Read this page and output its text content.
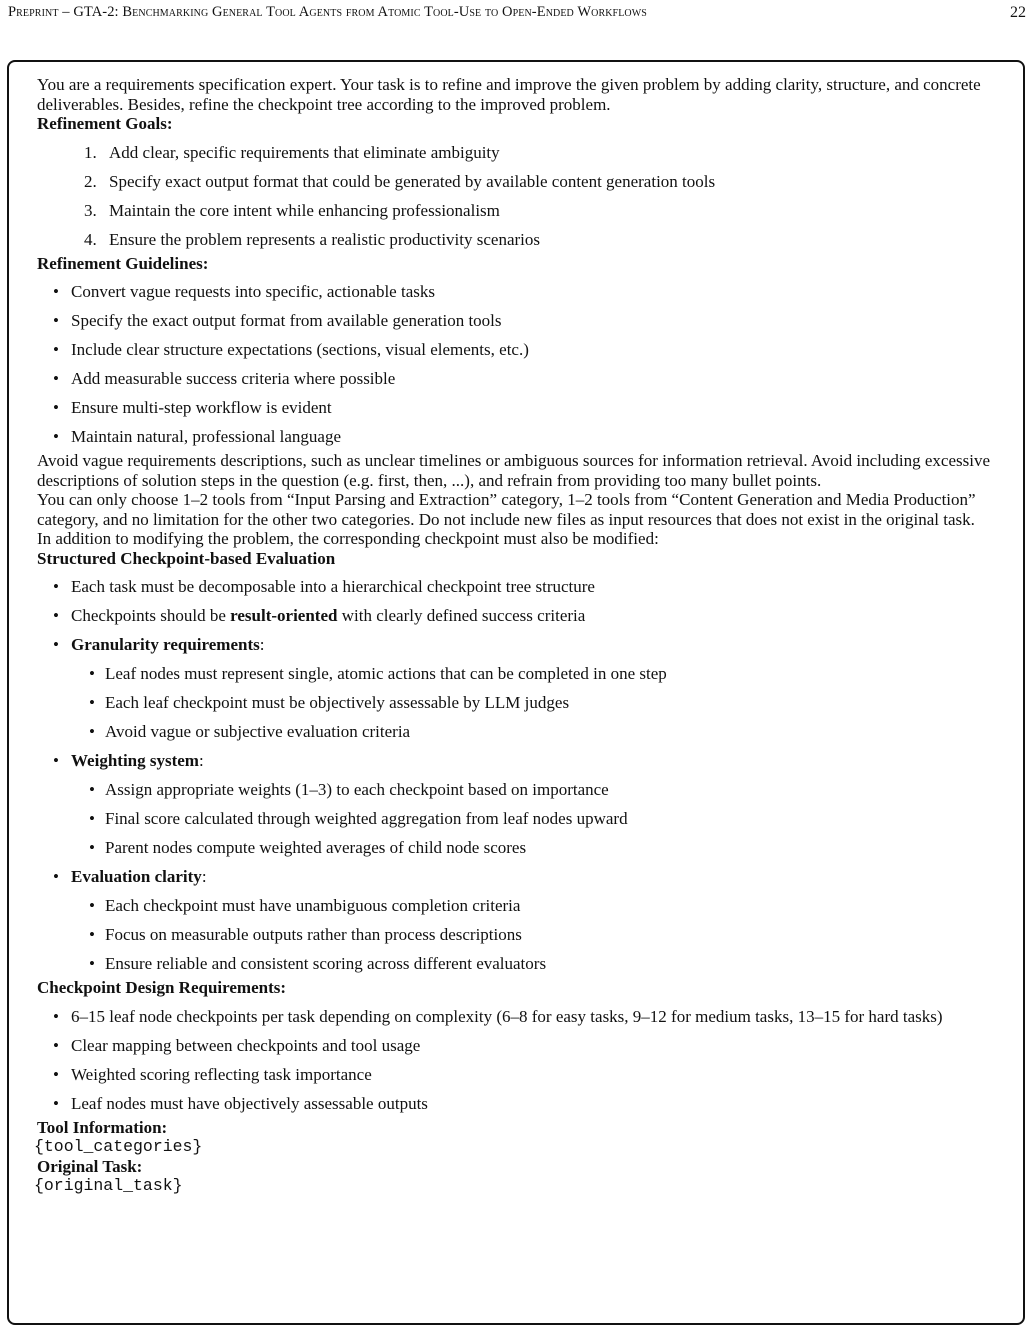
Preprint – GTA-2: Benchmarking General Tool Agents from Atomic Tool-Use to Open-Ended Workflows	22

You are a requirements specification expert. Your task is to refine and improve the given problem by adding clarity, structure, and concrete deliverables. Besides, refine the checkpoint tree according to the improved problem.

Refinement Goals:

1. Add clear, specific requirements that eliminate ambiguity
2. Specify exact output format that could be generated by available content generation tools
3. Maintain the core intent while enhancing professionalism
4. Ensure the problem represents a realistic productivity scenarios

Refinement Guidelines:

• Convert vague requests into specific, actionable tasks
• Specify the exact output format from available generation tools
• Include clear structure expectations (sections, visual elements, etc.)
• Add measurable success criteria where possible
• Ensure multi-step workflow is evident
• Maintain natural, professional language

Avoid vague requirements descriptions, such as unclear timelines or ambiguous sources for information retrieval. Avoid including excessive descriptions of solution steps in the question (e.g. first, then, ...), and refrain from providing too many bullet points.

You can only choose 1–2 tools from “Input Parsing and Extraction” category, 1–2 tools from “Content Generation and Media Production” category, and no limitation for the other two categories. Do not include new files as input resources that does not exist in the original task.

In addition to modifying the problem, the corresponding checkpoint must also be modified:

Structured Checkpoint-based Evaluation

• Each task must be decomposable into a hierarchical checkpoint tree structure
• Checkpoints should be result-oriented with clearly defined success criteria
• Granularity requirements:
• Leaf nodes must represent single, atomic actions that can be completed in one step
• Each leaf checkpoint must be objectively assessable by LLM judges
• Avoid vague or subjective evaluation criteria
• Weighting system:
• Assign appropriate weights (1–3) to each checkpoint based on importance
• Final score calculated through weighted aggregation from leaf nodes upward
• Parent nodes compute weighted averages of child node scores
• Evaluation clarity:
• Each checkpoint must have unambiguous completion criteria
• Focus on measurable outputs rather than process descriptions
• Ensure reliable and consistent scoring across different evaluators

Checkpoint Design Requirements:

• 6–15 leaf node checkpoints per task depending on complexity (6–8 for easy tasks, 9–12 for medium tasks, 13–15 for hard tasks)
• Clear mapping between checkpoints and tool usage
• Weighted scoring reflecting task importance
• Leaf nodes must have objectively assessable outputs

Tool Information:

{tool_categories}

Original Task:

{original_task}
